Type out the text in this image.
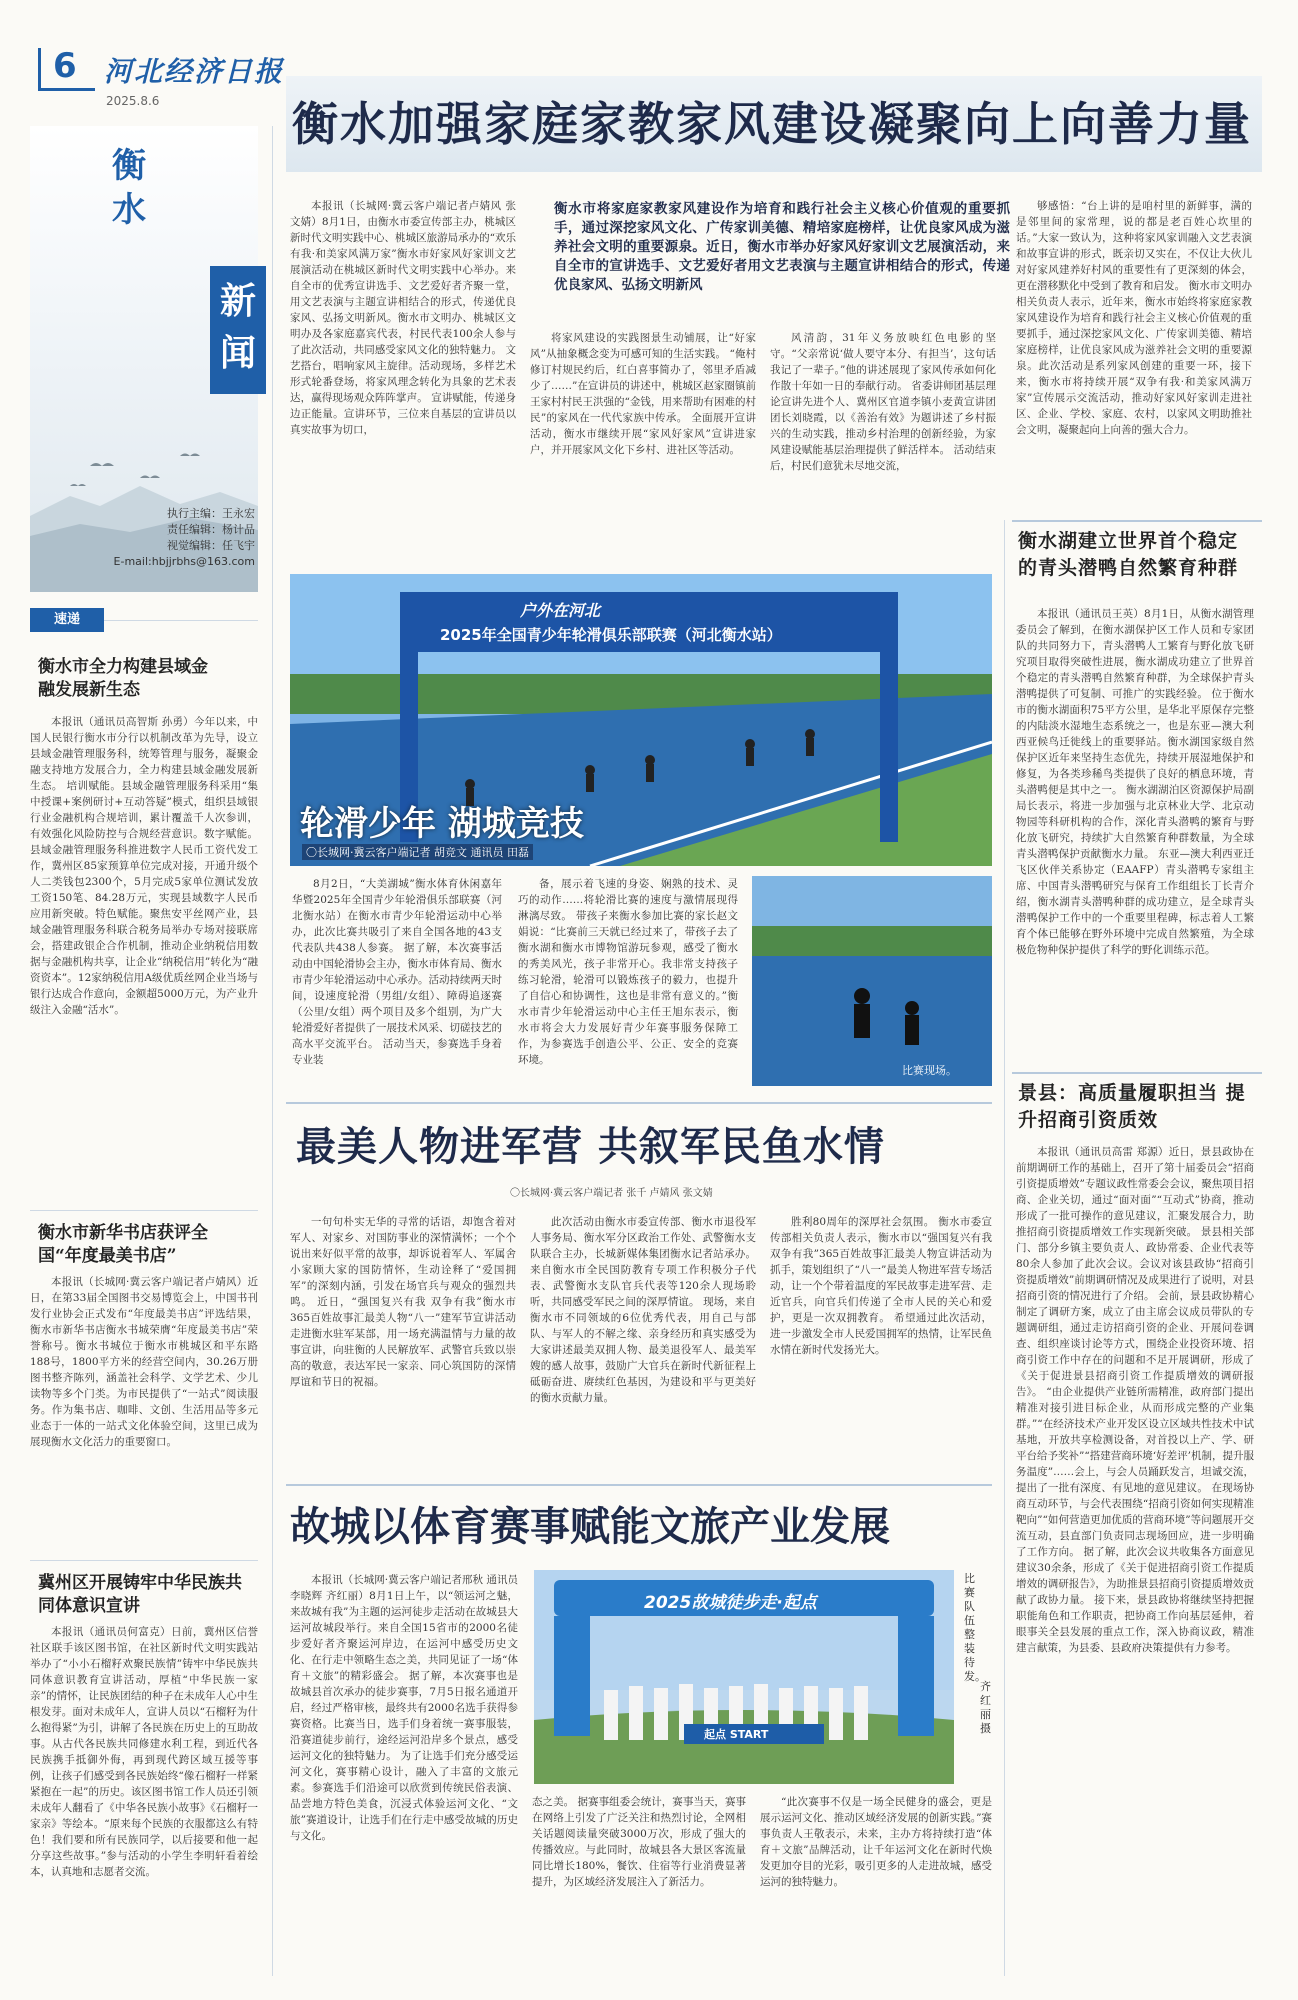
6 河北经济日报
2025.8.6
衡水
新闻
执行主编：王永宏
责任编辑：杨计品
视觉编辑：任飞宇
E-mail:hbjjrbhs@163.com
速递
衡水市全力构建县域金融发展新生态
本报讯（通讯员高智斯 孙勇）今年以来，中国人民银行衡水市分行以机制改革为先导，设立县域金融管理服务科，统筹管理与服务，凝聚金融支持地方发展合力，全力构建县域金融发展新生态。 培训赋能。县域金融管理服务科采用“集中授课+案例研讨+互动答疑”模式，组织县域银行业金融机构合规培训，累计覆盖千人次参训，有效强化风险防控与合规经营意识。数字赋能。县域金融管理服务科推进数字人民币工资代发工作，冀州区85家预算单位完成对接，开通升级个人二类钱包2300个，5月完成5家单位测试发放工资150笔、84.28万元，实现县域数字人民币应用新突破。特色赋能。聚焦安平丝网产业，县域金融管理服务科联合税务局举办专场对接联席会，搭建政银企合作机制，推动企业纳税信用数据与金融机构共享，让企业“纳税信用”转化为“融资资本”。12家纳税信用A级优质丝网企业当场与银行达成合作意向，金额超5000万元，为产业升级注入金融“活水”。
衡水市新华书店获评全国“年度最美书店”
本报讯（长城网·冀云客户端记者卢婧风）近日，在第33届全国图书交易博览会上，中国书刊发行业协会正式发布“年度最美书店”评选结果，衡水市新华书店衡水书城荣膺“年度最美书店”荣誉称号。衡水书城位于衡水市桃城区和平东路188号，1800平方米的经营空间内，30.26万册图书整齐陈列，涵盖社会科学、文学艺术、少儿读物等多个门类。为市民提供了“一站式”阅读服务。作为集书店、咖啡、文创、生活用品等多元业态于一体的一站式文化体验空间，这里已成为展现衡水文化活力的重要窗口。
冀州区开展铸牢中华民族共同体意识宣讲
本报讯（通讯员何富克）日前，冀州区信誉社区联手该区图书馆，在社区新时代文明实践站举办了“小小石榴籽欢聚民族情”铸牢中华民族共同体意识教育宣讲活动，厚植“中华民族一家亲”的情怀，让民族团结的种子在未成年人心中生根发芽。面对未成年人，宣讲人员以“石榴籽为什么抱得紧”为引，讲解了各民族在历史上的互助故事。从古代各民族共同修建水利工程，到近代各民族携手抵御外侮，再到现代跨区域互援等事例，让孩子们感受到各民族始终“像石榴籽一样紧紧抱在一起”的历史。该区图书馆工作人员还引领未成年人翻看了《中华各民族小故事》《石榴籽一家亲》等绘本。“原来每个民族的衣服都这么有特色！我们要和所有民族同学，以后接要和他一起分享这些故事。”参与活动的小学生李明轩看着绘本，认真地和志愿者交流。
衡水加强家庭家教家风建设凝聚向上向善力量
本报讯（长城网·冀云客户端记者卢婧风 张文婧）8月1日，由衡水市委宣传部主办，桃城区新时代文明实践中心、桃城区旅游局承办的“欢乐有我·和美家风满万家”衡水市好家风好家训文艺展演活动在桃城区新时代文明实践中心举办。来自全市的优秀宣讲选手、文艺爱好者齐聚一堂，用文艺表演与主题宣讲相结合的形式，传递优良家风、弘扬文明新风。衡水市文明办、桃城区文明办及各家庭嘉宾代表，村民代表100余人参与了此次活动，共同感受家风文化的独特魅力。 文艺搭台，唱响家风主旋律。活动现场，多样艺术形式轮番登场，将家风理念转化为具象的艺术表达，赢得现场观众阵阵掌声。 宣讲赋能，传递身边正能量。宣讲环节，三位来自基层的宣讲员以真实故事为切口，
衡水市将家庭家教家风建设作为培育和践行社会主义核心价值观的重要抓手，通过深挖家风文化、广传家训美德、精培家庭榜样，让优良家风成为滋养社会文明的重要源泉。近日，衡水市举办好家风好家训文艺展演活动，来自全市的宣讲选手、文艺爱好者用文艺表演与主题宣讲相结合的形式，传递优良家风、弘扬文明新风
将家风建设的实践图景生动铺展，让“好家风”从抽象概念变为可感可知的生活实践。 “俺村修订村规民约后，红白喜事简办了，邻里矛盾减少了……”在宣讲员的讲述中，桃城区赵家圈镇前王家村村民王洪强的“金钱，用来帮助有困难的村民”的家风在一代代家族中传承。 全面展开宣讲活动，衡水市继续开展“家风好家风”宣讲进家户，并开展家风文化下乡村、进社区等活动。
风清韵，31年义务放映红色电影的坚守。“父亲常说‘做人要守本分、有担当’，这句话我记了一辈子。”他的讲述展现了家风传承如何化作散十年如一日的奉献行动。 省委讲师团基层理论宣讲先进个人、冀州区官道李镇小麦黄宣讲团团长刘晓霞，以《善治有效》为题讲述了乡村振兴的生动实践，推动乡村治理的创新经验，为家风建设赋能基层治理提供了鲜活样本。 活动结束后，村民们意犹未尽地交流，
够感悟：“台上讲的是咱村里的新鲜事，满的是邻里间的家常理，说的都是老百姓心坎里的话。”大家一致认为，这种将家风家训融入文艺表演和故事宣讲的形式，既亲切又实在，不仅让大伙儿对好家风建养好村风的重要性有了更深刻的体会，更在潜移默化中受到了教育和启发。 衡水市文明办相关负责人表示，近年来，衡水市始终将家庭家教家风建设作为培育和践行社会主义核心价值观的重要抓手，通过深挖家风文化、广传家训美德、精培家庭榜样，让优良家风成为滋养社会文明的重要源泉。此次活动是系列家风创建的重要一环，接下来，衡水市将持续开展“双争有我·和美家风满万家”宣传展示交流活动，推动好家风好家训走进社区、企业、学校、家庭、农村，以家风文明助推社会文明，凝聚起向上向善的强大合力。
户外在河北
2025年全国青少年轮滑俱乐部联赛（河北衡水站）
轮滑少年 湖城竞技
〇长城网·冀云客户端记者 胡竞文 通讯员 田磊
8月2日，“大美湖城”衡水体育休闲嘉年华暨2025年全国青少年轮滑俱乐部联赛（河北衡水站）在衡水市青少年轮滑运动中心举办，此次比赛共吸引了来自全国各地的43支代表队共438人参赛。 据了解，本次赛事活动由中国轮滑协会主办，衡水市体育局、衡水市青少年轮滑运动中心承办。活动持续两天时间，设速度轮滑（男组/女组）、障碍追逐赛（公里/女组）两个项目及多个组别，为广大轮滑爱好者提供了一展技术风采、切磋技艺的高水平交流平台。 活动当天，参赛选手身着专业装
备，展示着飞速的身姿、娴熟的技术、灵巧的动作……将轮滑比赛的速度与激情展现得淋漓尽致。 带孩子来衡水参加比赛的家长赵文娟说：“比赛前三天就已经过来了，带孩子去了衡水湖和衡水市博物馆游玩参观，感受了衡水的秀美风光，孩子非常开心。我非常支持孩子练习轮滑，轮滑可以锻炼孩子的毅力，也提升了自信心和协调性，这也是非常有意义的。”衡水市青少年轮滑运动中心主任王旭东表示，衡水市将会大力发展好青少年赛事服务保障工作，为参赛选手创造公平、公正、安全的竞赛环境。
比赛现场。
最美人物进军营 共叙军民鱼水情
〇长城网·冀云客户端记者 张千 卢婧风 张文婧
一句句朴实无华的寻常的话语，却饱含着对军人、对家乡、对国防事业的深情满怀；一个个说出来好似平常的故事，却诉说着军人、军属舍小家顾大家的国防情怀，生动诠释了“爱国拥军”的深刻内涵，引发在场官兵与观众的强烈共鸣。 近日，“强国复兴有我 双争有我”衡水市365百姓故事汇最美人物“八一”建军节宣讲活动走进衡水驻军某部，用一场充满温情与力量的故事宣讲，向驻衡的人民解放军、武警官兵致以崇高的敬意，表达军民一家亲、同心筑国防的深情厚谊和节日的祝福。
此次活动由衡水市委宣传部、衡水市退役军人事务局、衡水军分区政治工作处、武警衡水支队联合主办，长城新媒体集团衡水记者站承办。来自衡水市全民国防教育专项工作积极分子代表、武警衡水支队官兵代表等120余人现场聆听，共同感受军民之间的深厚情谊。 现场，来自衡水市不同领域的6位优秀代表，用自己与部队、与军人的不解之缘、亲身经历和真实感受为大家讲述最美双拥人物、最美退役军人、最美军嫂的感人故事，鼓励广大官兵在新时代新征程上砥砺奋进、赓续红色基因，为建设和平与更美好的衡水贡献力量。
胜利80周年的深厚社会氛围。 衡水市委宣传部相关负责人表示，衡水市以“强国复兴有我 双争有我”365百姓故事汇最美人物宣讲活动为抓手，策划组织了“八一”最美人物进军营专场活动，让一个个带着温度的军民故事走进军营、走近官兵，向官兵们传递了全市人民的关心和爱护，更是一次双拥教育。 希望通过此次活动，进一步激发全市人民爱国拥军的热情，让军民鱼水情在新时代发扬光大。
故城以体育赛事赋能文旅产业发展
本报讯（长城网·冀云客户端记者邢秋 通讯员李晓辉 齐红丽）8月1日上午，以“领运河之魅，来故城有我”为主题的运河徒步走活动在故城县大运河故城段举行。来自全国15省市的2000名徒步爱好者齐聚运河岸边，在运河中感受历史文化、在行走中领略生态之美，共同见证了一场“体育＋文旅”的精彩盛会。 据了解，本次赛事也是故城县首次承办的徒步赛事，7月5日报名通道开启，经过严格审核，最终共有2000名选手获得参赛资格。比赛当日，选手们身着统一赛事服装，沿赛道徒步前行，途经运河沿岸多个景点，感受运河文化的独特魅力。 为了让选手们充分感受运河文化，赛事精心设计，融入了丰富的文旅元素。参赛选手们沿途可以欣赏到传统民俗表演、品尝地方特色美食，沉浸式体验运河文化、“文旅”赛道设计，让选手们在行走中感受故城的历史与文化。
2025故城徒步走·起点
起点 START
比赛队伍整装待发。
齐红丽 摄
态之美。 据赛事组委会统计，赛事当天，赛事在网络上引发了广泛关注和热烈讨论，全网相关话题阅读量突破3000万次，形成了强大的传播效应。与此同时，故城县各大景区客流量同比增长180%，餐饮、住宿等行业消费显著提升，为区域经济发展注入了新活力。
“此次赛事不仅是一场全民健身的盛会，更是展示运河文化、推动区域经济发展的创新实践。”赛事负责人王敬表示，未来，主办方将持续打造“体育＋文旅”品牌活动，让千年运河文化在新时代焕发更加夺目的光彩，吸引更多的人走进故城，感受运河的独特魅力。
衡水湖建立世界首个稳定的青头潜鸭自然繁育种群
本报讯（通讯员王英）8月1日，从衡水湖管理委员会了解到，在衡水湖保护区工作人员和专家团队的共同努力下，青头潜鸭人工繁育与野化放飞研究项目取得突破性进展，衡水湖成功建立了世界首个稳定的青头潜鸭自然繁育种群，为全球保护青头潜鸭提供了可复制、可推广的实践经验。 位于衡水市的衡水湖面积75平方公里，是华北平原保存完整的内陆淡水湿地生态系统之一，也是东亚—澳大利西亚候鸟迁徙线上的重要驿站。衡水湖国家级自然保护区近年来坚持生态优先，持续开展湿地保护和修复，为各类珍稀鸟类提供了良好的栖息环境，青头潜鸭便是其中之一。 衡水湖湖泊区资源保护局副局长表示，将进一步加强与北京林业大学、北京动物园等科研机构的合作，深化青头潜鸭的繁育与野化放飞研究，持续扩大自然繁育种群数量，为全球青头潜鸭保护贡献衡水力量。 东亚—澳大利西亚迁飞区伙伴关系协定（EAAFP）青头潜鸭专家组主席、中国青头潜鸭研究与保育工作组组长丁长青介绍，衡水湖青头潜鸭种群的成功建立，是全球青头潜鸭保护工作中的一个重要里程碑，标志着人工繁育个体已能够在野外环境中完成自然繁殖，为全球极危物种保护提供了科学的野化训练示范。
景县：高质量履职担当 提升招商引资质效
本报讯（通讯员高雷 郑源）近日，景县政协在前期调研工作的基础上，召开了第十届委员会“招商引资提质增效”专题议政性常委会会议，聚焦项目招商、企业关切，通过“面对面”“互动式”协商，推动形成了一批可操作的意见建议，汇聚发展合力，助推招商引资提质增效工作实现新突破。 景县相关部门、部分乡镇主要负责人、政协常委、企业代表等80余人参加了此次会议。会议对该县政协“招商引资提质增效”前期调研情况及成果进行了说明，对县招商引资的情况进行了介绍。 会前，景县政协精心制定了调研方案，成立了由主席会议成员带队的专题调研组，通过走访招商引资的企业、开展问卷调查、组织座谈讨论等方式，围绕企业投资环境、招商引资工作中存在的问题和不足开展调研，形成了《关于促进景县招商引资工作提质增效的调研报告》。 “由企业提供产业链所需精准，政府部门提出精准对接引进目标企业，从而形成完整的产业集群。”“在经济技术产业开发区设立区域共性技术中试基地，开放共享检测设备，对首投以上产、学、研平台给予奖补”“搭建营商环境‘好差评’机制，提升服务温度”……会上，与会人员踊跃发言，坦诚交流，提出了一批有深度、有见地的意见建议。 在现场协商互动环节，与会代表围绕“招商引资如何实现精准靶向”“如何营造更加优质的营商环境”等问题展开交流互动，县直部门负责同志现场回应，进一步明确了工作方向。 据了解，此次会议共收集各方面意见建议30余条，形成了《关于促进招商引资工作提质增效的调研报告》，为助推景县招商引资提质增效贡献了政协力量。 接下来，景县政协将继续坚持把握职能角色和工作职责，把协商工作向基层延伸，着眼事关全县发展的重点工作，深入协商议政，精准建言献策，为县委、县政府决策提供有力参考。
